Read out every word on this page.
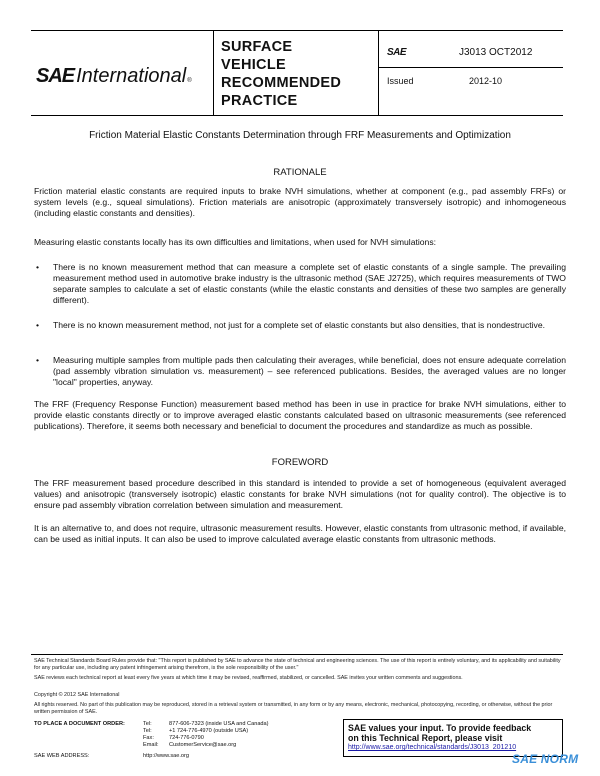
SAE International ®
SURFACE
VEHICLE
RECOMMENDED
PRACTICE
SAE	J3013 OCT2012
Issued	2012-10
Friction Material Elastic Constants Determination through FRF Measurements and Optimization
RATIONALE
Friction material elastic constants are required inputs to brake NVH simulations, whether at component (e.g., pad assembly FRFs) or system levels (e.g., squeal simulations). Friction materials are anisotropic (approximately transversely isotropic) and inhomogeneous (including elastic constants and densities).
Measuring elastic constants locally has its own difficulties and limitations, when used for NVH simulations:
• There is no known measurement method that can measure a complete set of elastic constants of a single sample. The prevailing measurement method used in automotive brake industry is the ultrasonic method (SAE J2725), which requires measurements of TWO separate samples to calculate a set of elastic constants (while the elastic constants and densities of these two samples are generally different).
• There is no known measurement method, not just for a complete set of elastic constants but also densities, that is nondestructive.
• Measuring multiple samples from multiple pads then calculating their averages, while beneficial, does not ensure adequate correlation (pad assembly vibration simulation vs. measurement) – see referenced publications. Besides, the averaged values are no longer "local" properties, anyway.
The FRF (Frequency Response Function) measurement based method has been in use in practice for brake NVH simulations, either to provide elastic constants directly or to improve averaged elastic constants calculated based on ultrasonic measurements (see referenced publications). Therefore, it seems both necessary and beneficial to document the procedures and standardize as much as possible.
FOREWORD
The FRF measurement based procedure described in this standard is intended to provide a set of homogeneous (equivalent averaged values) and anisotropic (transversely isotropic) elastic constants for brake NVH simulations (not for quality control). The objective is to ensure pad assembly vibration correlation between simulation and measurement.
It is an alternative to, and does not require, ultrasonic measurement results. However, elastic constants from ultrasonic method, if available, can be used as initial inputs. It can also be used to improve calculated average elastic constants from ultrasonic methods.
SAE Technical Standards Board Rules provide that: "This report is published by SAE to advance the state of technical and engineering sciences. The use of this report is entirely voluntary, and its applicability and suitability for any particular use, including any patent infringement arising therefrom, is the sole responsibility of the user."
SAE reviews each technical report at least every five years at which time it may be revised, reaffirmed, stabilized, or cancelled. SAE invites your written comments and suggestions.
Copyright © 2012 SAE International
All rights reserved. No part of this publication may be reproduced, stored in a retrieval system or transmitted, in any form or by any means, electronic, mechanical, photocopying, recording, or otherwise, without the prior written permission of SAE.
TO PLACE A DOCUMENT ORDER:	Tel:	877-606-7323 (inside USA and Canada)
Tel:	+1 724-776-4970 (outside USA)
Fax:	724-776-0790
Email: CustomerService@sae.org
SAE WEB ADDRESS:	http://www.sae.org
SAE values your input. To provide feedback
on this Technical Report, please visit
http://www.sae.org/technical/standards/J3013_201210
SAE NORM
